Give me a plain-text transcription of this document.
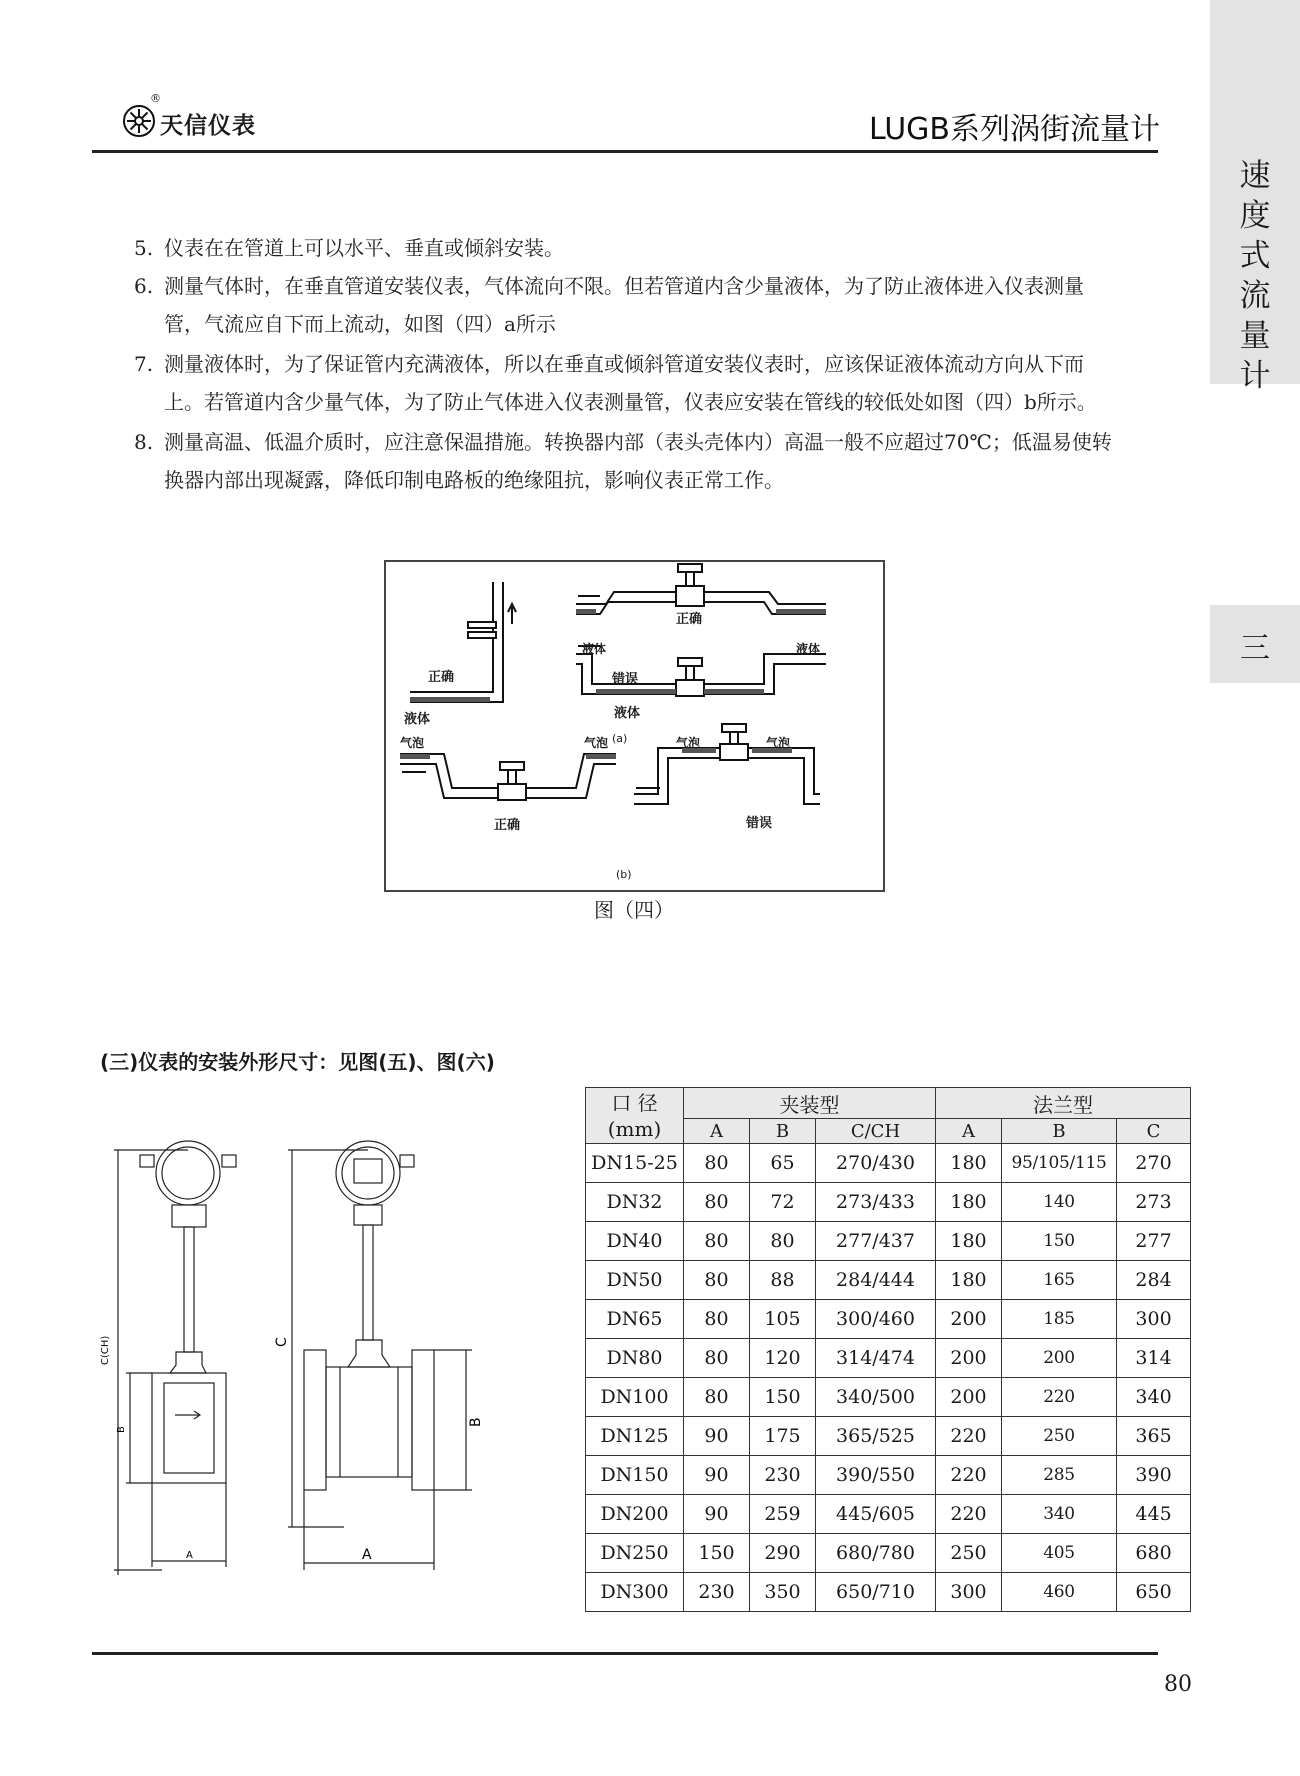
®
天信仪表	LUGB系列涡街流量计
速
度
式
流
量
计
三
5. 仪表在在管道上可以水平、垂直或倾斜安装。
6. 测量气体时，在垂直管道安装仪表，气体流向不限。但若管道内含少量液体，为了防止液体进入仪表测量
管，气流应自下而上流动，如图（四）a所示
7. 测量液体时，为了保证管内充满液体，所以在垂直或倾斜管道安装仪表时，应该保证液体流动方向从下而
上。若管道内含少量气体，为了防止气体进入仪表测量管，仪表应安装在管线的较低处如图（四）b所示。
8. 测量高温、低温介质时，应注意保温措施。转换器内部（表头壳体内）高温一般不应超过70℃；低温易使转
换器内部出现凝露，降低印制电路板的绝缘阻抗，影响仪表正常工作。
正确
液体
正确
液体	液体
错误
液体
(a)
气泡	气泡
正确
气泡	气泡
错误
(b)
图（四）
(三)仪表的安装外形尺寸：见图(五)、图(六)
C(CH)
B
A
C
B
A
口 径
(mm)	夹装型			法兰型		
	A	B	C/CH	A	B	C
DN15-25	80	65	270/430	180	95/105/115	270
DN32	80	72	273/433	180	140	273
DN40	80	80	277/437	180	150	277
DN50	80	88	284/444	180	165	284
DN65	80	105	300/460	200	185	300
DN80	80	120	314/474	200	200	314
DN100	80	150	340/500	200	220	340
DN125	90	175	365/525	220	250	365
DN150	90	230	390/550	220	285	390
DN200	90	259	445/605	220	340	445
DN250	150	290	680/780	250	405	680
DN300	230	350	650/710	300	460	650
80
